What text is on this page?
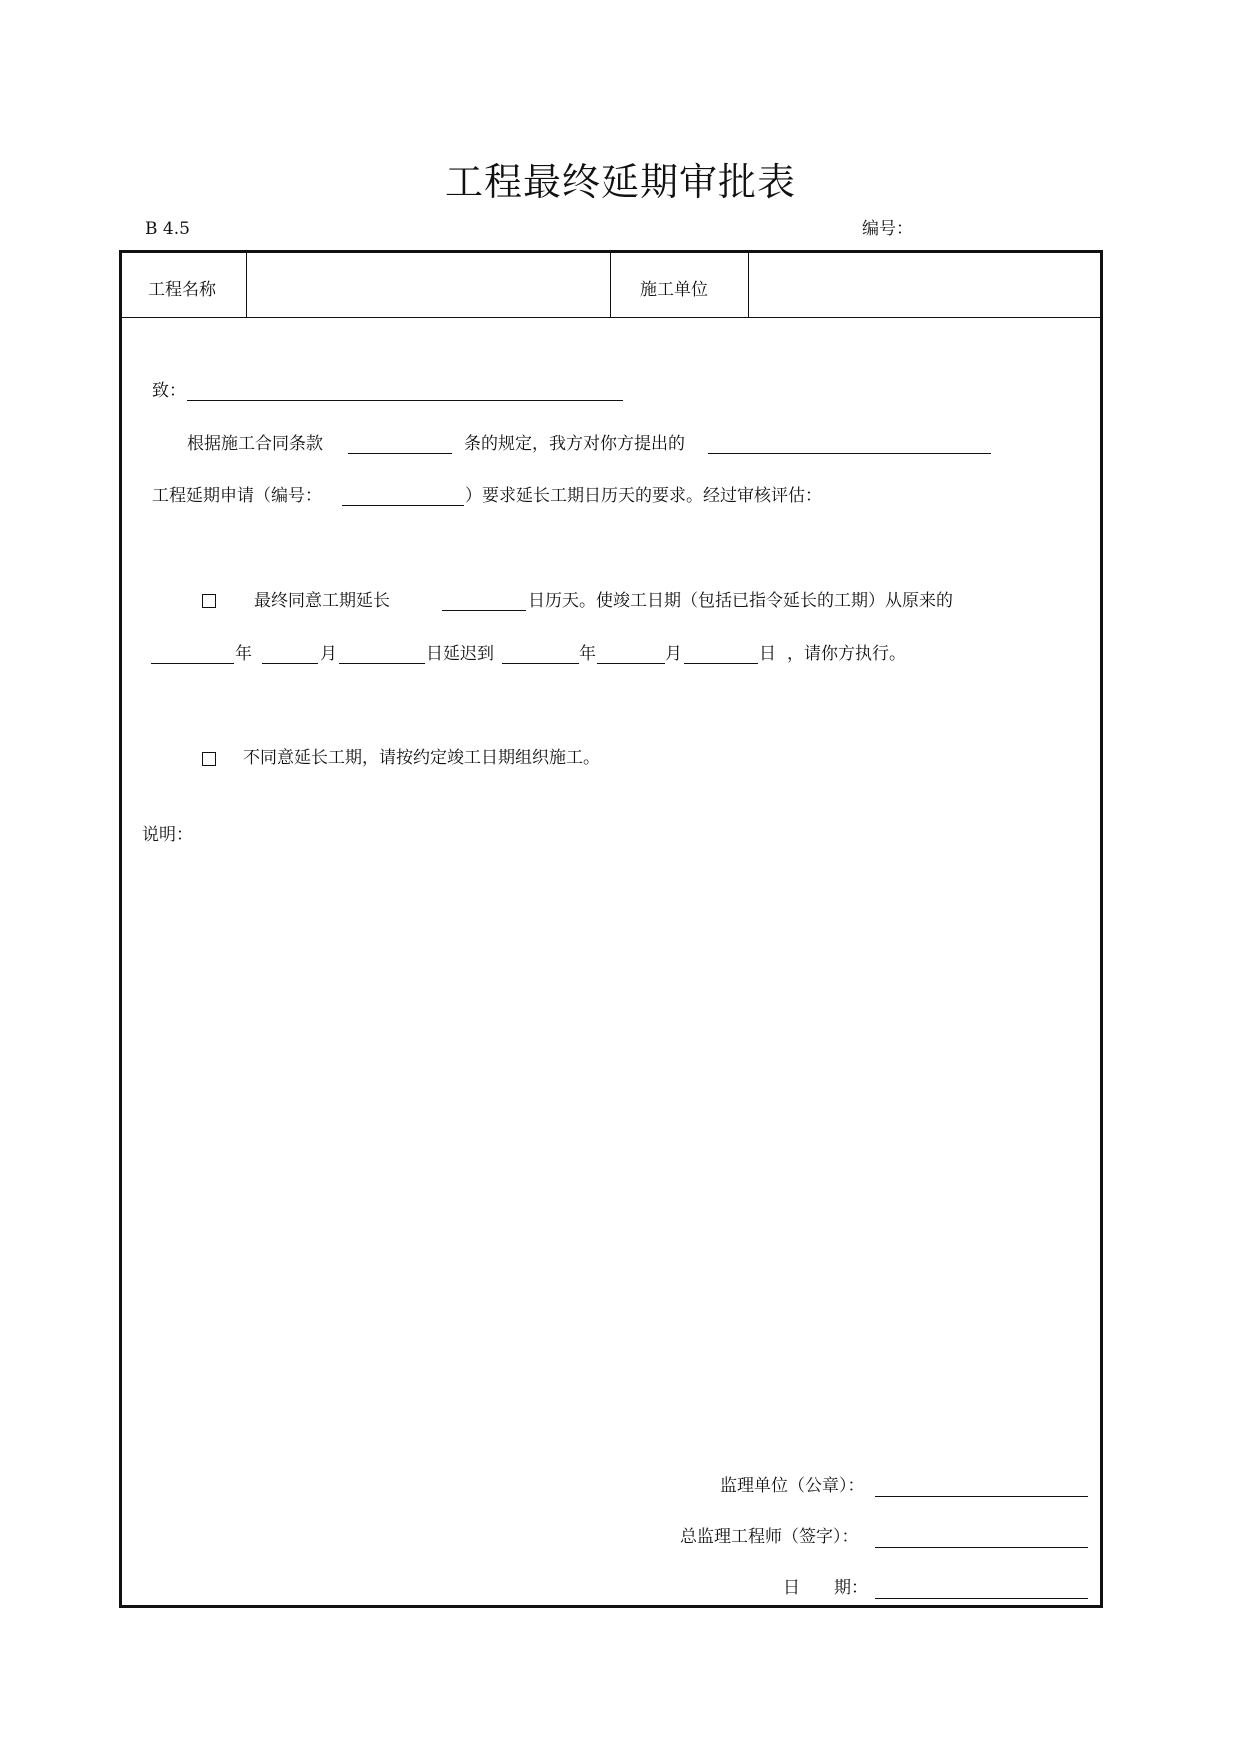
工程最终延期审批表
B 4.5	编号：
工程名称	施工单位
致：
根据施工合同条款	条的规定，我方对你方提出的
工程延期申请（编号：	）要求延长工期日历天的要求。经过审核评估：
最终同意工期延长	日历天。使竣工日期（包括已指令延长的工期）从原来的
年	月	日延迟到	年	月	日 ，请你方执行。
不同意延长工期，请按约定竣工日期组织施工。
说明：
监理单位（公章）：
总监理工程师（签字）：
日　　期：
